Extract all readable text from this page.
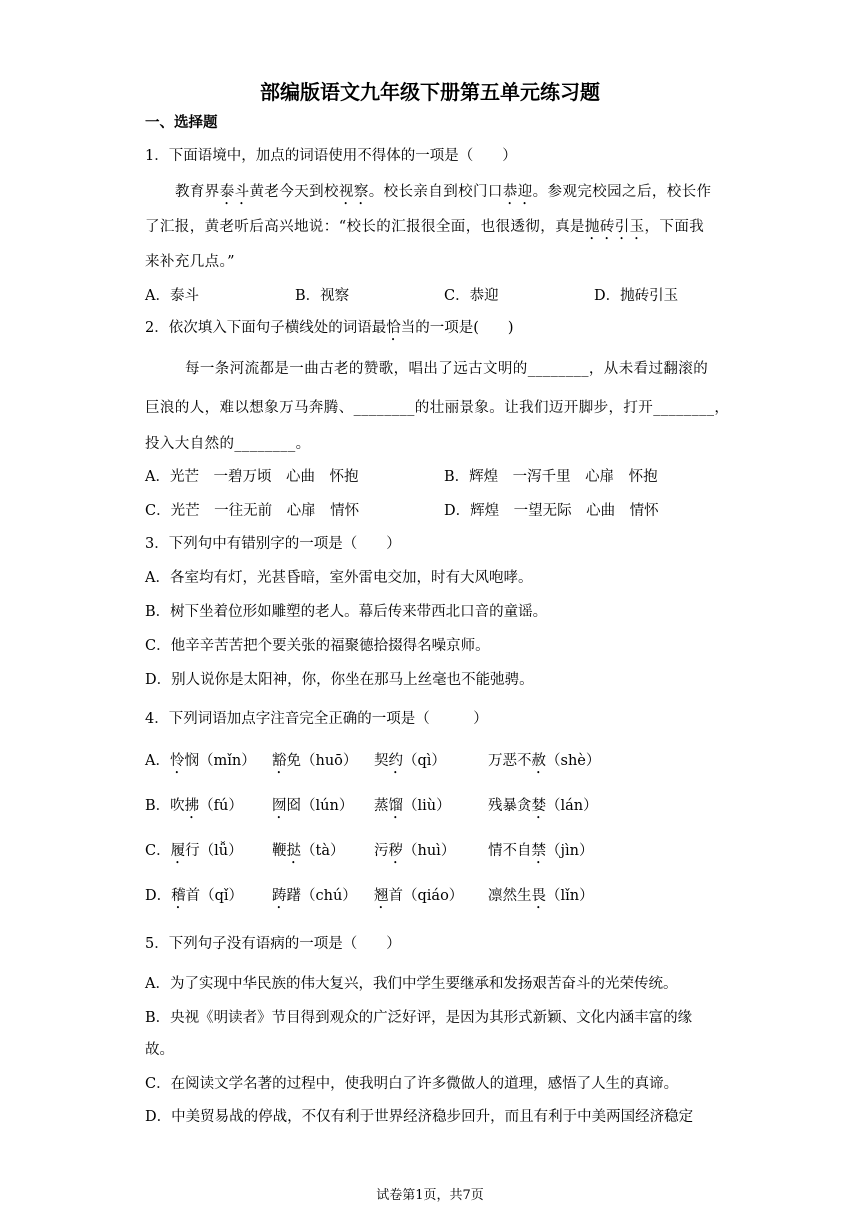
部编版语文九年级下册第五单元练习题
一、选择题
1．下面语境中，加点的词语使用不得体的一项是（　　）
教育界泰斗黄老今天到校视察。校长亲自到校门口恭迎。参观完校园之后，校长作
了汇报，黄老听后高兴地说：“校长的汇报很全面，也很透彻，真是抛砖引玉，下面我
来补充几点。”
A．泰斗	B．视察	C．恭迎	D．抛砖引玉
2．依次填入下面句子横线处的词语最恰当的一项是(　　)
每一条河流都是一曲古老的赞歌，唱出了远古文明的________，从未看过翻滚的
巨浪的人，难以想象万马奔腾、________的壮丽景象。让我们迈开脚步，打开________，
投入大自然的________。
A．光芒　一碧万顷　心曲　怀抱	B．辉煌　一泻千里　心扉　怀抱
C．光芒　一往无前　心扉　情怀	D．辉煌　一望无际　心曲　情怀
3．下列句中有错别字的一项是（　　）
A．各室均有灯，光甚昏暗，室外雷电交加，时有大风咆哮。
B．树下坐着位形如雕塑的老人。幕后传来带西北口音的童谣。
C．他辛辛苦苦把个要关张的福聚德拾掇得名噪京师。
D．别人说你是太阳神，你，你坐在那马上丝毫也不能弛骋。
4．下列词语加点字注音完全正确的一项是（　　　）
A．怜悯（mǐn） 豁免（huō） 契约（qì）	万恶不赦（shè）
B．吹拂（fú） 囫囵（lún） 蒸馏（liù）	残暴贪婪（lán）
C．履行（lǚ） 鞭挞（tà） 污秽（huì） 情不自禁（jìn）
D．稽首（qǐ） 踌躇（chú） 翘首（qiáo） 凛然生畏（lǐn）
5．下列句子没有语病的一项是（　　）
A．为了实现中华民族的伟大复兴，我们中学生要继承和发扬艰苦奋斗的光荣传统。
B．央视《明读者》节目得到观众的广泛好评，是因为其形式新颖、文化内涵丰富的缘
故。
C．在阅读文学名著的过程中，使我明白了许多微做人的道理，感悟了人生的真谛。
D．中美贸易战的停战，不仅有利于世界经济稳步回升，而且有利于中美两国经济稳定
试卷第1页，共7页
